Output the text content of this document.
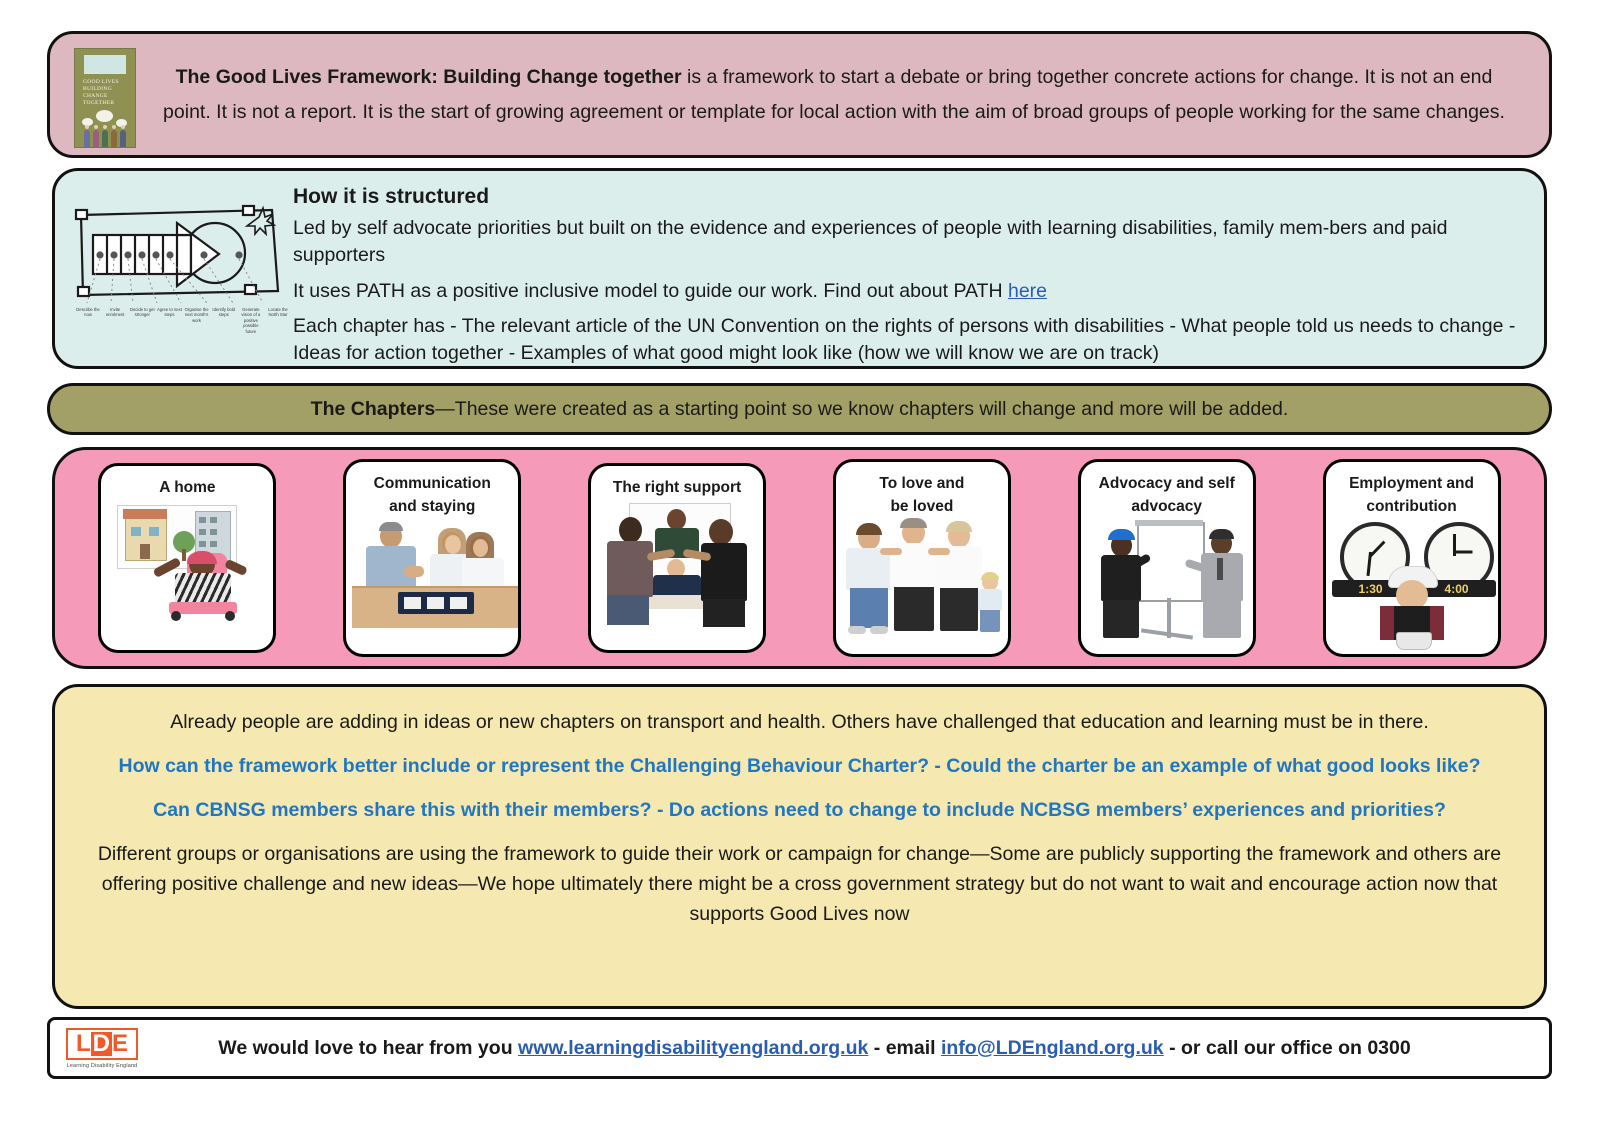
GOOD LIVES
BUILDING
CHANGE
TOGETHER
The Good Lives Framework: Building Change together is a framework to start a debate or bring together concrete actions for change. It is not an end point. It is not a report. It is the start of growing agreement or template for local action with the aim of broad groups of people working for the same changes.
Describe the now
Invite enrolment
Decide to get stronger
Agree to next steps
Organise the next month's work
Identify bold steps
Generate vision of a positive possible future
Locate the North Star
How it is structured
Led by self advocate priorities but built on the evidence and experiences of people with learning disabilities, family mem-bers and paid supporters
It uses PATH as a positive inclusive model to guide our work. Find out about PATH here
Each chapter has - The relevant article of the UN Convention on the rights of persons with disabilities - What people told us needs to change - Ideas for action together - Examples of what good might look like (how we will know we are on track)
The Chapters—These were created as a starting point so we know chapters will change and more will be added.
A home	Communication
and staying
The right support	To love and
be loved
Advocacy and self
advocacy
Employment and
contribution
1:30	4:00

Already people are adding in ideas or new chapters on transport and health. Others have challenged that education and learning must be in there.

How can the framework better include or represent the Challenging Behaviour Charter? - Could the charter be an example of what good looks like?

Can CBNSG members share this with their members? - Do actions need to change to include NCBSG members’ experiences and priorities?

Different groups or organisations are using the framework to guide their work or campaign for change—Some are publicly supporting the framework and others are offering positive challenge and new ideas—We hope ultimately there might be a cross government strategy but do not want to wait and encourage action now that supports Good Lives now

L D E
Learning Disability England
We would love to hear from you www.learningdisabilityengland.org.uk - email info@LDEngland.org.uk - or call our office on 0300
